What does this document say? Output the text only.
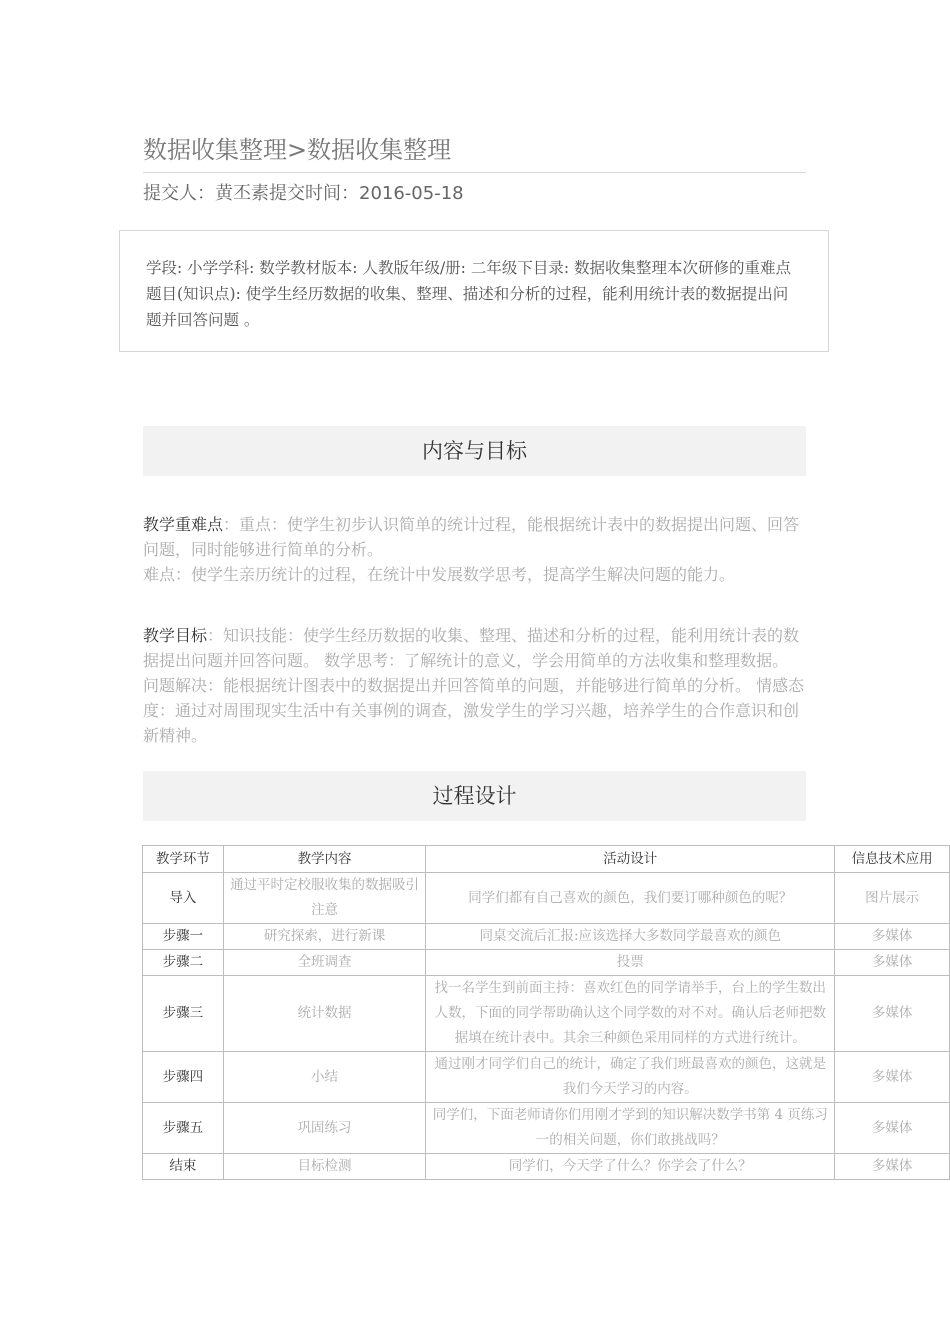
数据收集整理>数据收集整理
提交人：黄丕素提交时间：2016-05-18
学段: 小学学科: 数学教材版本: 人教版年级/册: 二年级下目录: 数据收集整理本次研修的重难点题目(知识点): 使学生经历数据的收集、整理、描述和分析的过程，能利用统计表的数据提出问题并回答问题 。
内容与目标
教学重难点：重点：使学生初步认识简单的统计过程，能根据统计表中的数据提出问题、回答问题，同时能够进行简单的分析。
难点：使学生亲历统计的过程，在统计中发展数学思考，提高学生解决问题的能力。
教学目标：知识技能：使学生经历数据的收集、整理、描述和分析的过程，能利用统计表的数据提出问题并回答问题。 数学思考：了解统计的意义，学会用简单的方法收集和整理数据。 问题解决：能根据统计图表中的数据提出并回答简单的问题，并能够进行简单的分析。 情感态度：通过对周围现实生活中有关事例的调查，激发学生的学习兴趣，培养学生的合作意识和创新精神。
过程设计
教学环节	教学内容	活动设计	信息技术应用
导入	通过平时定校服收集的数据吸引注意	同学们都有自己喜欢的颜色，我们要订哪种颜色的呢？	图片展示
步骤一	研究探索，进行新课	同桌交流后汇报:应该选择大多数同学最喜欢的颜色	多媒体
步骤二	全班调查	投票	多媒体
步骤三	统计数据	找一名学生到前面主持：喜欢红色的同学请举手，台上的学生数出人数，下面的同学帮助确认这个同学数的对不对。确认后老师把数据填在统计表中。其余三种颜色采用同样的方式进行统计。	多媒体
步骤四	小结	通过刚才同学们自己的统计，确定了我们班最喜欢的颜色，这就是我们今天学习的内容。	多媒体
步骤五	巩固练习	同学们，下面老师请你们用刚才学到的知识解决数学书第 4 页练习一的相关问题，你们敢挑战吗？	多媒体
结束	目标检测	同学们，今天学了什么？你学会了什么？	多媒体
